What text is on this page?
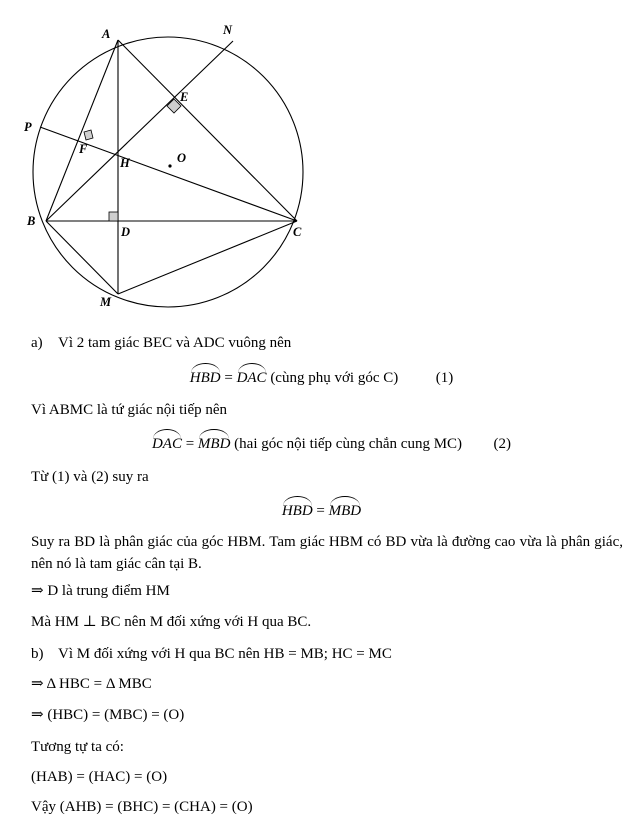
A	N
E
P
F
H	O
B
D	C
M
a) Vì 2 tam giác BEC và ADC vuông nên
HBD = DAC (cùng phụ với góc C)	(1)
Vì ABMC là tứ giác nội tiếp nên
DAC = MBD (hai góc nội tiếp cùng chắn cung MC) (2)
Từ (1) và (2) suy ra
HBD = MBD
Suy ra BD là phân giác của góc HBM. Tam giác HBM có BD vừa là đường cao vừa là phân giác, nên nó là tam giác cân tại B.
⇒ D là trung điểm HM
Mà HM ⊥ BC nên M đối xứng với H qua BC.
b) Vì M đối xứng với H qua BC nên HB = MB; HC = MC
⇒ Δ HBC = Δ MBC
⇒ (HBC) = (MBC) = (O)
Tương tự ta có:
(HAB) = (HAC) = (O)
Vậy (AHB) = (BHC) = (CHA) = (O)
